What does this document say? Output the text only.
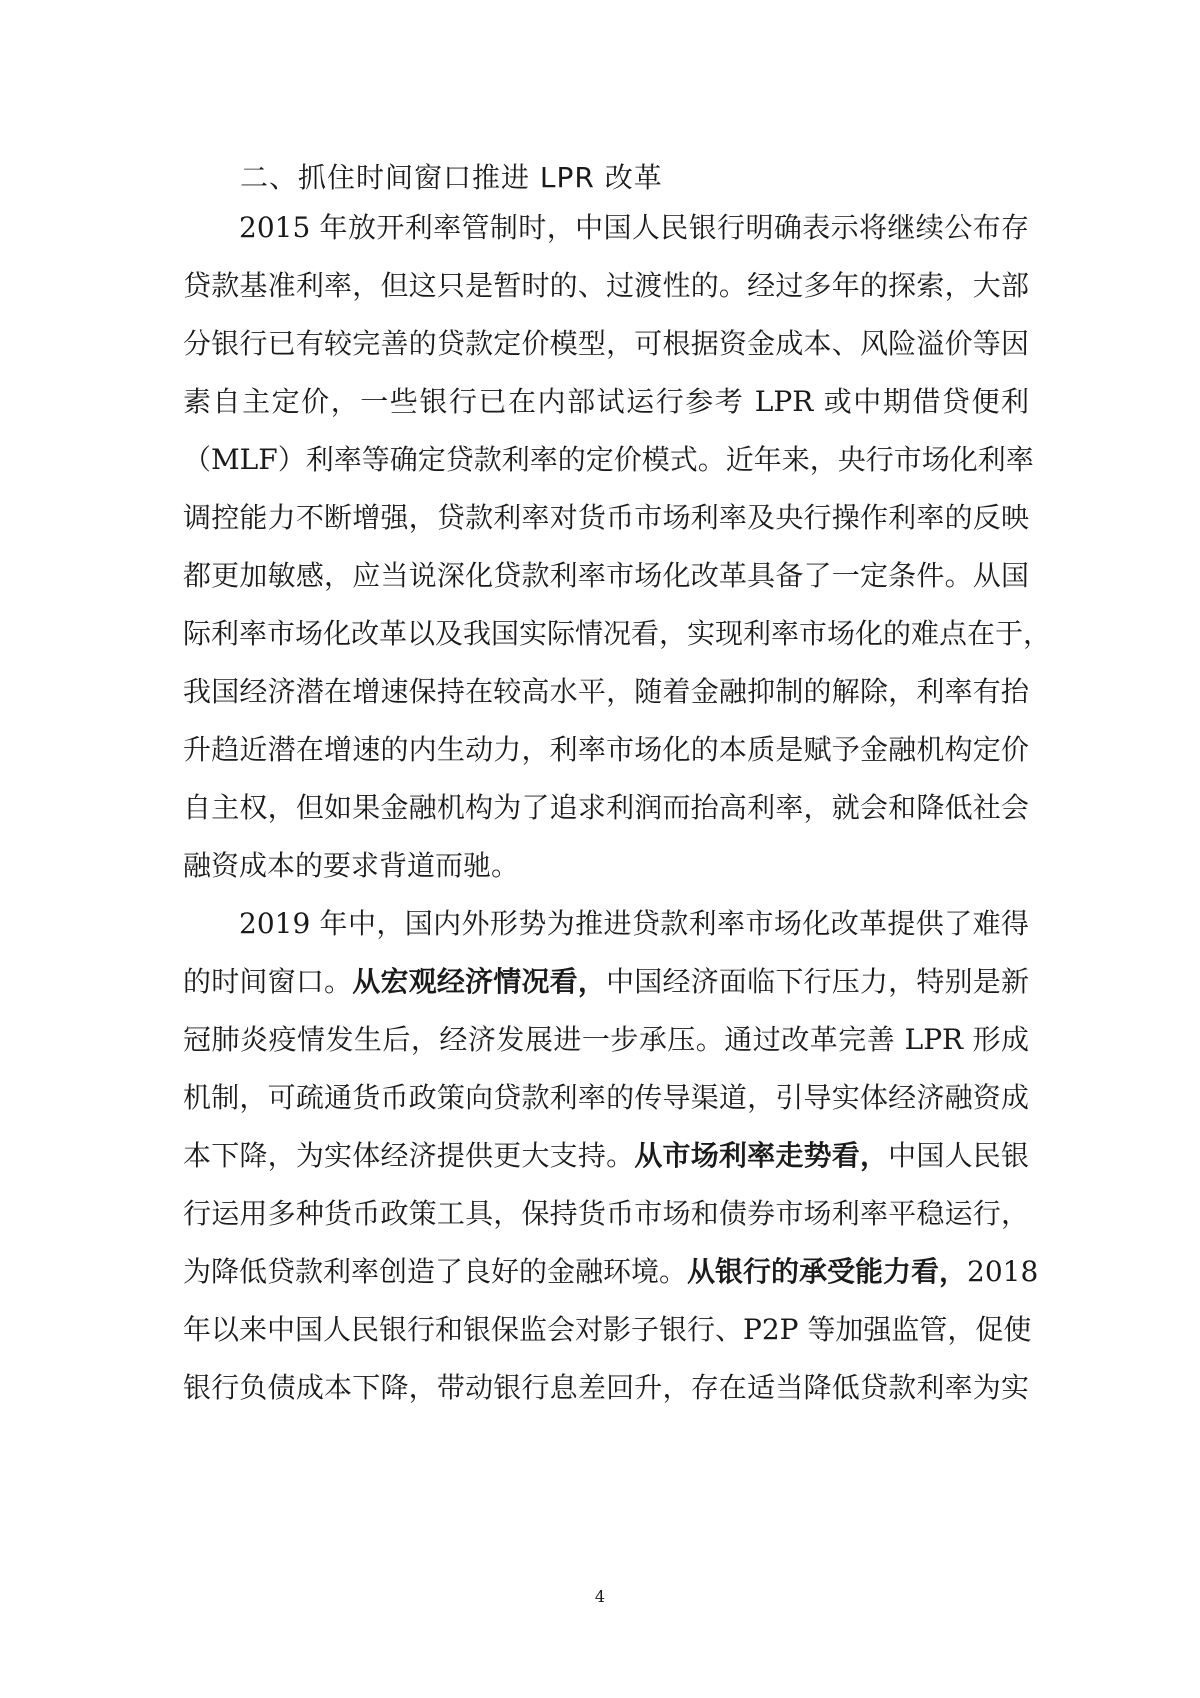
二、抓住时间窗口推进 LPR 改革

2015 年放开利率管制时，中国人民银行明确表示将继续公布存

贷款基准利率，但这只是暂时的、过渡性的。经过多年的探索，大部

分银行已有较完善的贷款定价模型，可根据资金成本、风险溢价等因

素自主定价，一些银行已在内部试运行参考 LPR 或中期借贷便利

（MLF）利率等确定贷款利率的定价模式。近年来，央行市场化利率

调控能力不断增强，贷款利率对货币市场利率及央行操作利率的反映

都更加敏感，应当说深化贷款利率市场化改革具备了一定条件。从国

际利率市场化改革以及我国实际情况看，实现利率市场化的难点在于，

我国经济潜在增速保持在较高水平，随着金融抑制的解除，利率有抬

升趋近潜在增速的内生动力，利率市场化的本质是赋予金融机构定价

自主权，但如果金融机构为了追求利润而抬高利率，就会和降低社会

融资成本的要求背道而驰。

2019 年中，国内外形势为推进贷款利率市场化改革提供了难得

的时间窗口。从宏观经济情况看，中国经济面临下行压力，特别是新

冠肺炎疫情发生后，经济发展进一步承压。通过改革完善 LPR 形成

机制，可疏通货币政策向贷款利率的传导渠道，引导实体经济融资成

本下降，为实体经济提供更大支持。从市场利率走势看，中国人民银

行运用多种货币政策工具，保持货币市场和债券市场利率平稳运行，

为降低贷款利率创造了良好的金融环境。从银行的承受能力看，2018

年以来中国人民银行和银保监会对影子银行、P2P 等加强监管，促使

银行负债成本下降，带动银行息差回升，存在适当降低贷款利率为实

4
